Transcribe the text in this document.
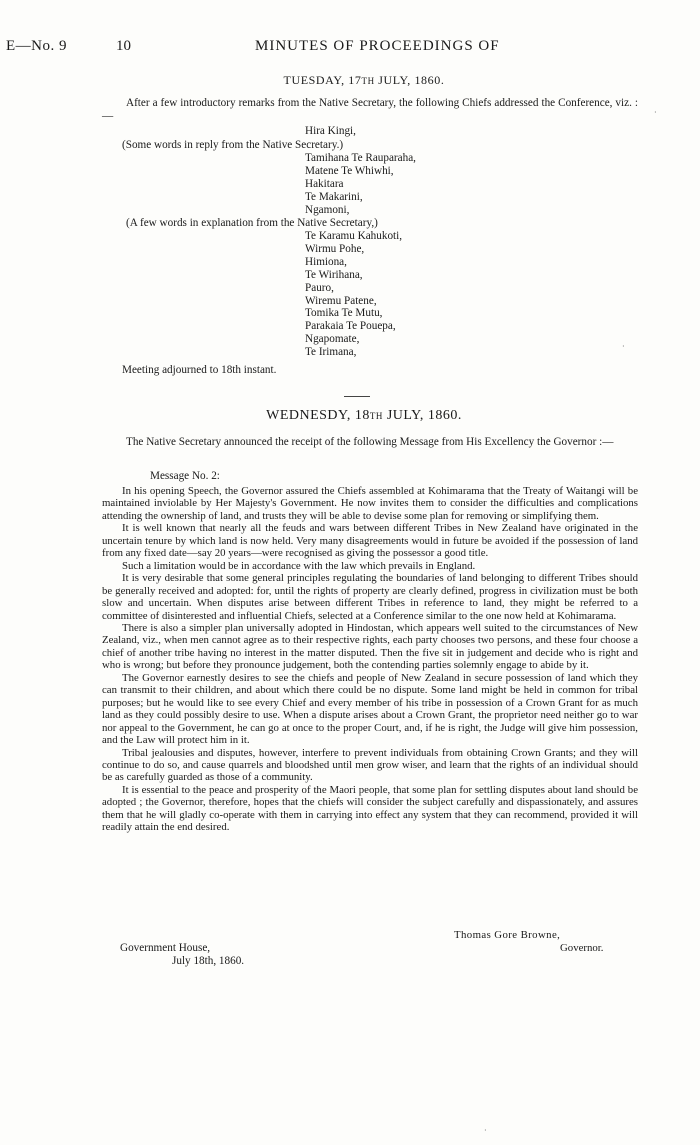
E—No. 9	10	MINUTES OF PROCEEDINGS OF
TUESDAY, 17TH JULY, 1860.
After a few introductory remarks from the Native Secretary, the following Chiefs addressed the Conference, viz. :—
Hira Kingi,
(Some words in reply from the Native Secretary.)
Tamihana Te Rauparaha,
Matene Te Whiwhi,
Hakitara
Te Makarini,
Ngamoni,
(A few words in explanation from the Native Secretary,)
Te Karamu Kahukoti,
Wirmu Pohe,
Himiona,
Te Wirihana,
Pauro,
Wiremu Patene,
Tomika Te Mutu,
Parakaia Te Pouepa,
Ngapomate,
Te Irimana,
Meeting adjourned to 18th instant.
WEDNESDY, 18TH JULY, 1860.
The Native Secretary announced the receipt of the following Message from His Excellency the Governor :—
Message No. 2:

In his opening Speech, the Governor assured the Chiefs assembled at Kohimarama that the Treaty of Waitangi will be maintained inviolable by Her Majesty's Government. He now invites them to consider the difficulties and complications attending the ownership of land, and trusts they will be able to devise some plan for removing or simplifying them.

It is well known that nearly all the feuds and wars between different Tribes in New Zealand have originated in the uncertain tenure by which land is now held. Very many disagreements would in future be avoided if the possession of land from any fixed date—say 20 years—were recognised as giving the possessor a good title.

Such a limitation would be in accordance with the law which prevails in England.

It is very desirable that some general principles regulating the boundaries of land belonging to different Tribes should be generally received and adopted: for, until the rights of property are clearly defined, progress in civilization must be both slow and uncertain. When disputes arise between different Tribes in reference to land, they might be referred to a committee of disinterested and influential Chiefs, selected at a Conference similar to the one now held at Kohimarama.

There is also a simpler plan universally adopted in Hindostan, which appears well suited to the circumstances of New Zealand, viz., when men cannot agree as to their respective rights, each party chooses two persons, and these four choose a chief of another tribe having no interest in the matter disputed. Then the five sit in judgement and decide who is right and who is wrong; but before they pronounce judgement, both the contending parties solemnly engage to abide by it.

The Governor earnestly desires to see the chiefs and people of New Zealand in secure possession of land which they can transmit to their children, and about which there could be no dispute. Some land might be held in common for tribal purposes; but he would like to see every Chief and every member of his tribe in possession of a Crown Grant for as much land as they could possibly desire to use. When a dispute arises about a Crown Grant, the proprietor need neither go to war nor appeal to the Government, he can go at once to the proper Court, and, if he is right, the Judge will give him possession, and the Law will protect him in it.

Tribal jealousies and disputes, however, interfere to prevent individuals from obtaining Crown Grants; and they will continue to do so, and cause quarrels and bloodshed until men grow wiser, and learn that the rights of an individual should be as carefully guarded as those of a community.

It is essential to the peace and prosperity of the Maori people, that some plan for settling disputes about land should be adopted ; the Governor, therefore, hopes that the chiefs will consider the subject carefully and dispassionately, and assures them that he will gladly co-operate with them in carrying into effect any system that they can recommend, provided it will readily attain the end desired.

Thomas Gore Browne,
Governor.
Government House,
July 18th, 1860.
·
·
·
